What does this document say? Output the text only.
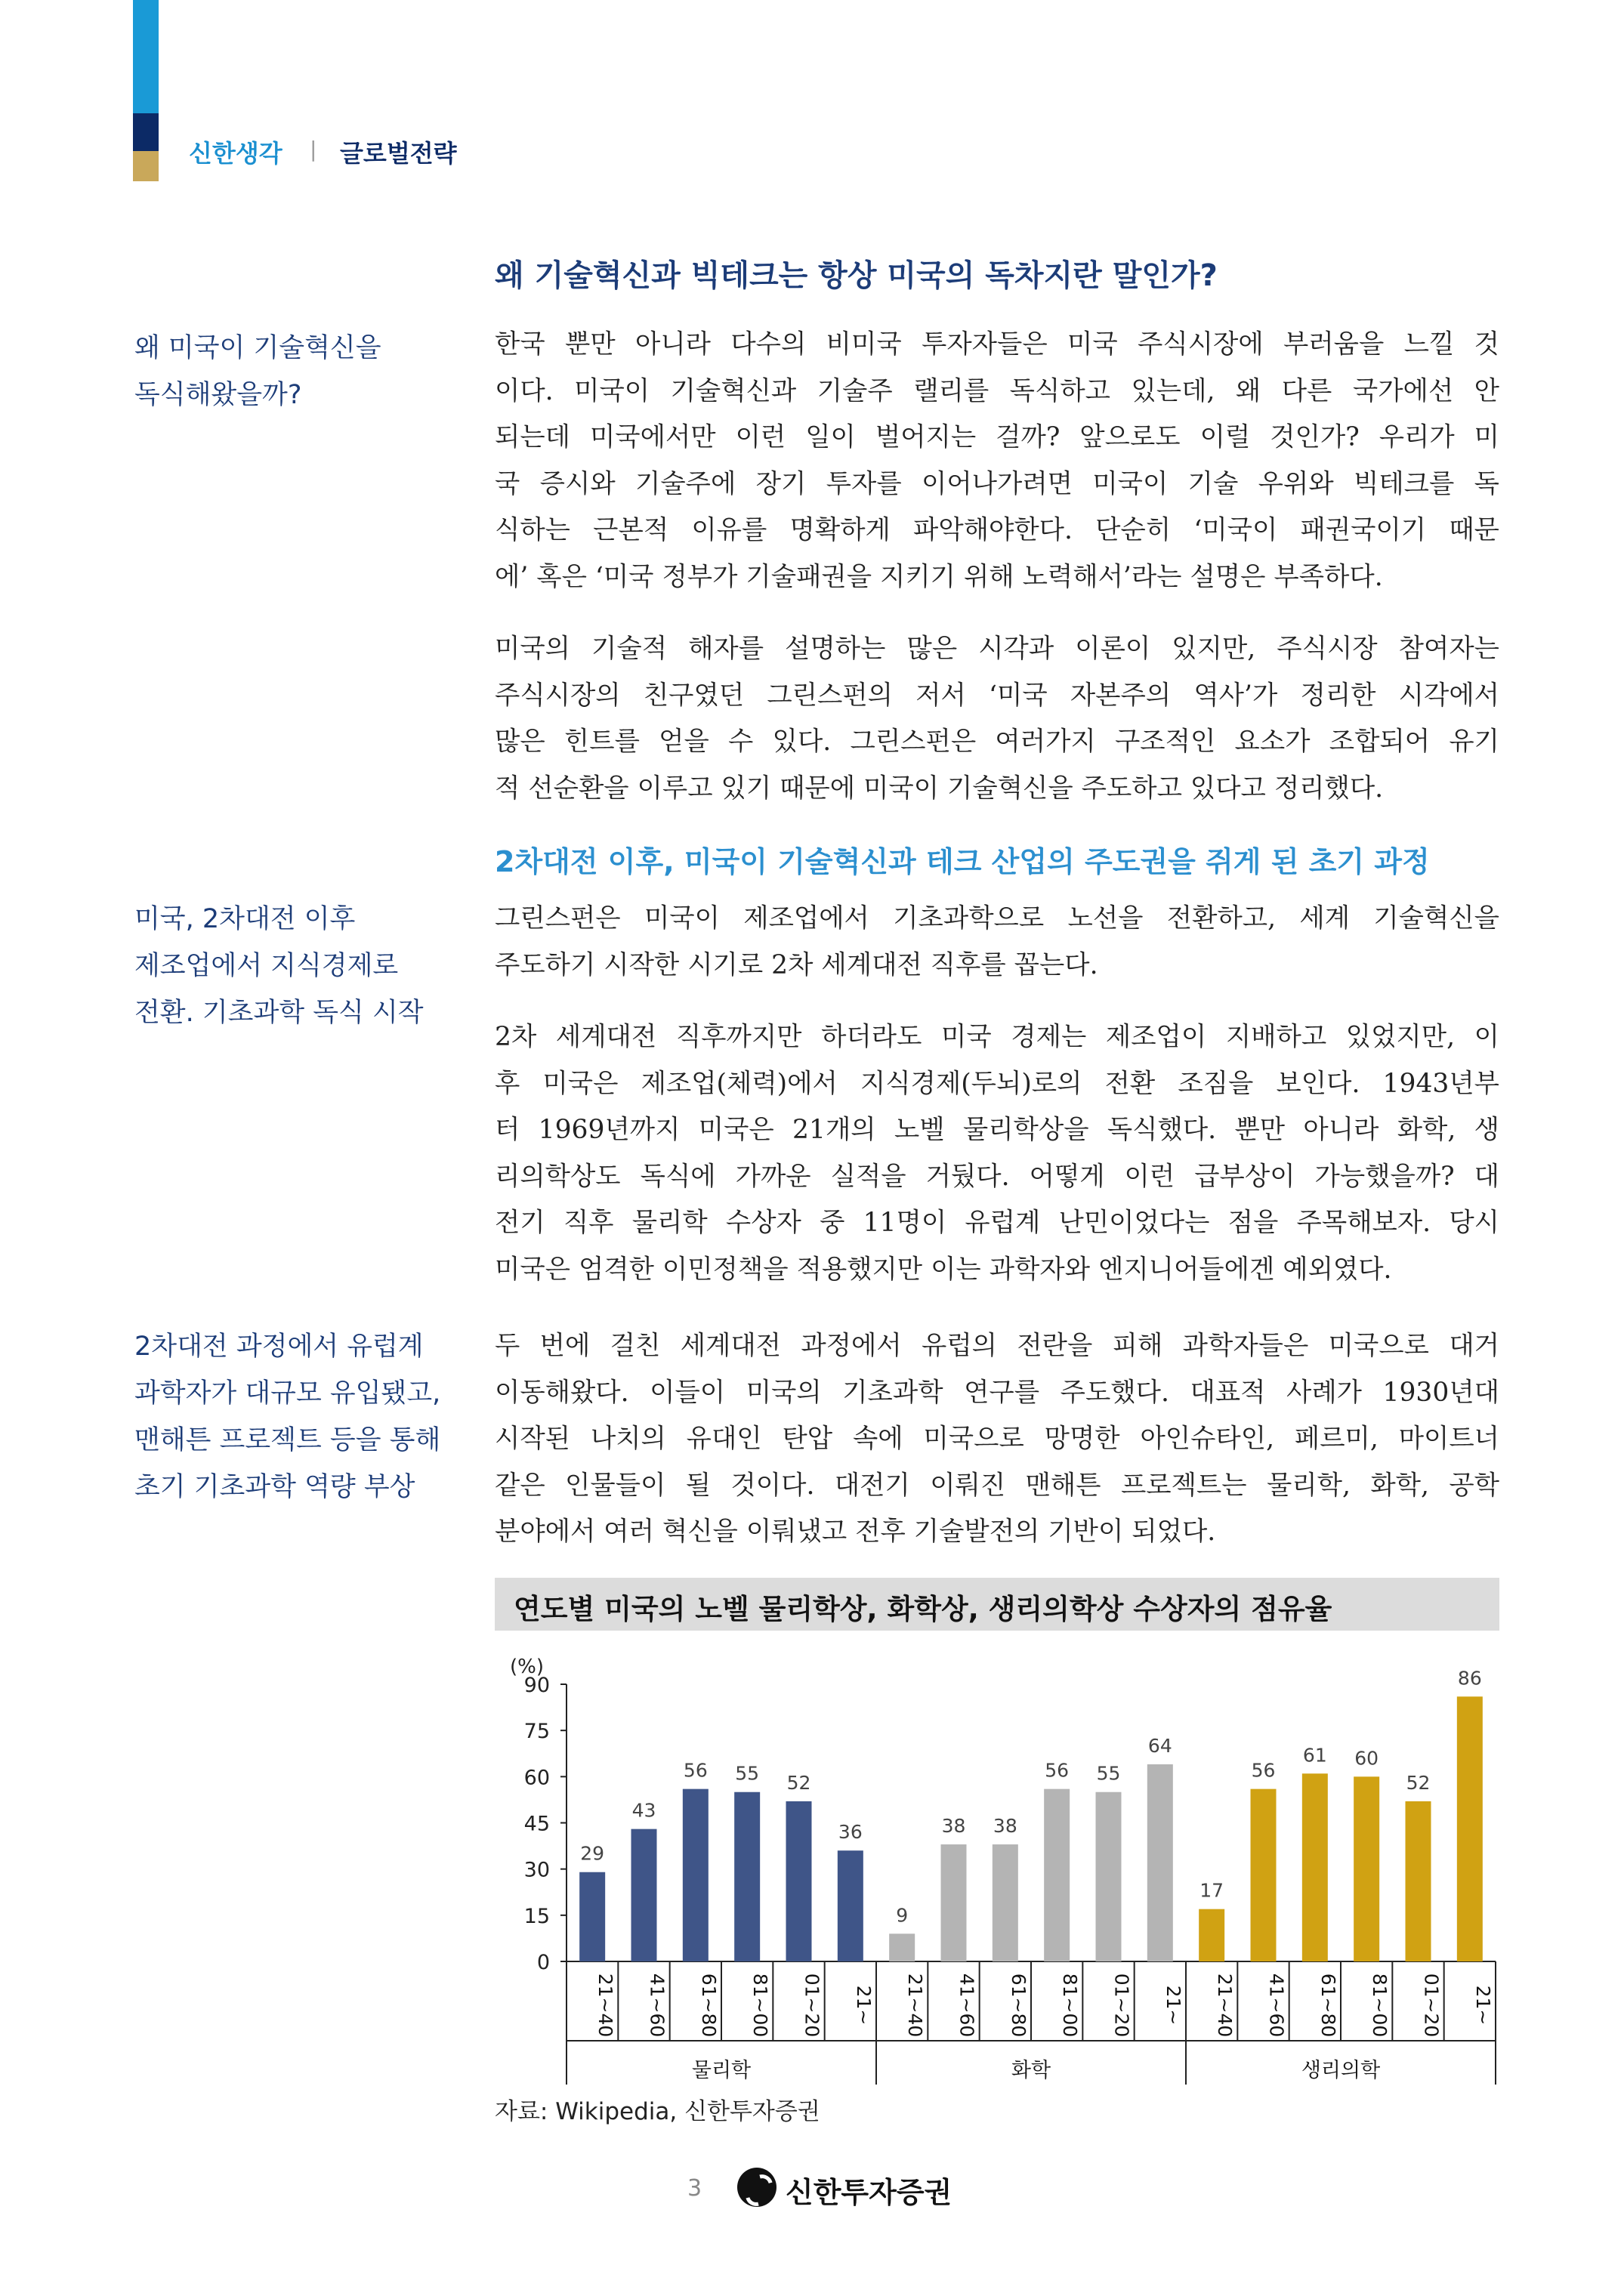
신한생각 | 글로벌전략
왜 기술혁신과 빅테크는 항상 미국의 독차지란 말인가?
왜 미국이 기술혁신을
독식해왔을까?
한국 뿐만 아니라 다수의 비미국 투자자들은 미국 주식시장에 부러움을 느낄 것
이다. 미국이 기술혁신과 기술주 랠리를 독식하고 있는데, 왜 다른 국가에선 안
되는데 미국에서만 이런 일이 벌어지는 걸까? 앞으로도 이럴 것인가? 우리가 미
국 증시와 기술주에 장기 투자를 이어나가려면 미국이 기술 우위와 빅테크를 독
식하는 근본적 이유를 명확하게 파악해야한다. 단순히 ‘미국이 패권국이기 때문
에’ 혹은 ‘미국 정부가 기술패권을 지키기 위해 노력해서’라는 설명은 부족하다.
미국의 기술적 해자를 설명하는 많은 시각과 이론이 있지만, 주식시장 참여자는
주식시장의 친구였던 그린스펀의 저서 ‘미국 자본주의 역사’가 정리한 시각에서
많은 힌트를 얻을 수 있다. 그린스펀은 여러가지 구조적인 요소가 조합되어 유기
적 선순환을 이루고 있기 때문에 미국이 기술혁신을 주도하고 있다고 정리했다.
2차대전 이후, 미국이 기술혁신과 테크 산업의 주도권을 쥐게 된 초기 과정
미국, 2차대전 이후
제조업에서 지식경제로
전환. 기초과학 독식 시작
그린스펀은 미국이 제조업에서 기초과학으로 노선을 전환하고, 세계 기술혁신을
주도하기 시작한 시기로 2차 세계대전 직후를 꼽는다.
2차 세계대전 직후까지만 하더라도 미국 경제는 제조업이 지배하고 있었지만, 이
후 미국은 제조업(체력)에서 지식경제(두뇌)로의 전환 조짐을 보인다. 1943년부
터 1969년까지 미국은 21개의 노벨 물리학상을 독식했다. 뿐만 아니라 화학, 생
리의학상도 독식에 가까운 실적을 거뒀다. 어떻게 이런 급부상이 가능했을까? 대
전기 직후 물리학 수상자 중 11명이 유럽계 난민이었다는 점을 주목해보자. 당시
미국은 엄격한 이민정책을 적용했지만 이는 과학자와 엔지니어들에겐 예외였다.
2차대전 과정에서 유럽계
과학자가 대규모 유입됐고,
맨해튼 프로젝트 등을 통해
초기 기초과학 역량 부상
두 번에 걸친 세계대전 과정에서 유럽의 전란을 피해 과학자들은 미국으로 대거
이동해왔다. 이들이 미국의 기초과학 연구를 주도했다. 대표적 사례가 1930년대
시작된 나치의 유대인 탄압 속에 미국으로 망명한 아인슈타인, 페르미, 마이트너
같은 인물들이 될 것이다. 대전기 이뤄진 맨해튼 프로젝트는 물리학, 화학, 공학
분야에서 여러 혁신을 이뤄냈고 전후 기술발전의 기반이 되었다.
연도별 미국의 노벨 물리학상, 화학상, 생리의학상 수상자의 점유율
(%)
0
15
30
45
60
75
90
29
21~40
43
41~60
56
61~80
55
81~00
52
01~20
36
21~
물리학
9
21~40
38
41~60
38
61~80
56
81~00
55
01~20
64
21~
화학
17
21~40
56
41~60
61
61~80
60
81~00
52
01~20
86
21~
생리의학
자료: Wikipedia, 신한투자증권
3	신한투자증권
